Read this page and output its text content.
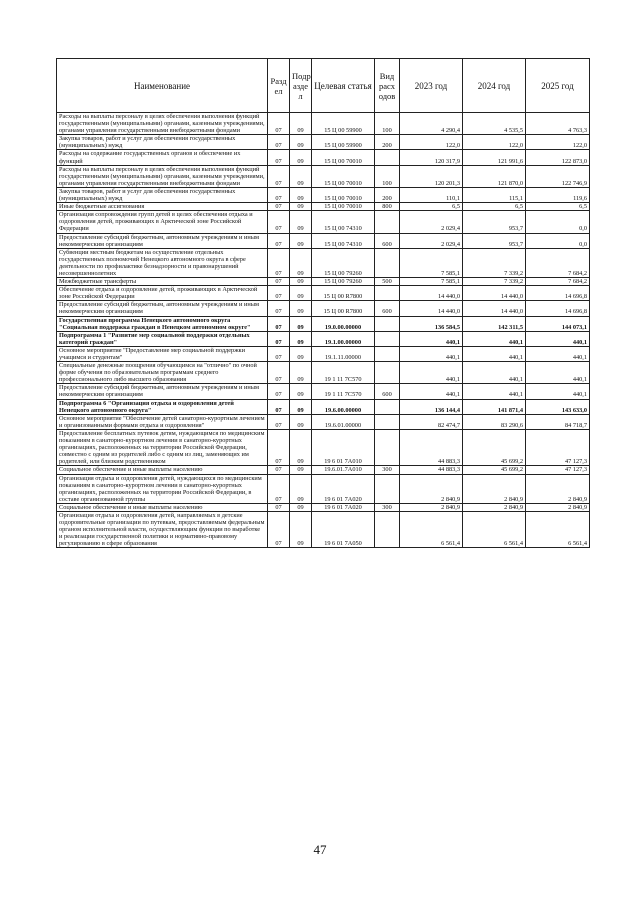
Наименование	Разд ел	Подр азде л	Целевая статья	Вид расх одов	2023 год	2024 год	2025 год
Расходы на выплаты персоналу в целях обеспечения выполнения функций государственными (муниципальными) органами, казенными учреждениями, органами управления государственными внебюджетными фондами	07	09	15 Ц 00 59900	100	4 290,4	4 535,5	4 763,3
Закупка товаров, работ и услуг для обеспечения государственных (муниципальных) нужд	07	09	15 Ц 00 59900	200	122,0	122,0	122,0
Расходы на содержание государственных органов и обеспечение их функций	07	09	15 Ц 00 70010		120 317,9	121 991,6	122 873,0
Расходы на выплаты персоналу в целях обеспечения выполнения функций государственными (муниципальными) органами, казенными учреждениями, органами управления государственными внебюджетными фондами	07	09	15 Ц 00 70010	100	120 201,3	121 870,0	122 746,9
Закупка товаров, работ и услуг для обеспечения государственных (муниципальных) нужд	07	09	15 Ц 00 70010	200	110,1	115,1	119,6
Иные бюджетные ассигнования	07	09	15 Ц 00 70010	800	6,5	6,5	6,5
Организация сопровождения групп детей в целях обеспечения отдыха и оздоровления детей, проживающих в Арктической зоне Российской Федерации	07	09	15 Ц 00 74310		2 029,4	953,7	0,0
Предоставление субсидий бюджетным, автономным учреждениям и иным некоммерческим организациям	07	09	15 Ц 00 74310	600	2 029,4	953,7	0,0
Субвенции местным бюджетам на осуществление отдельных государственных полномочий Ненецкого автономного округа в сфере деятельности по профилактике безнадзорности и правонарушений несовершеннолетних	07	09	15 Ц 00 79260		7 585,1	7 339,2	7 684,2
Межбюджетные трансферты	07	09	15 Ц 00 79260	500	7 585,1	7 339,2	7 684,2
Обеспечение отдыха и оздоровление детей, проживающих в Арктической зоне Российской Федерации	07	09	15 Ц 00 R7800		14 440,0	14 440,0	14 696,8
Предоставление субсидий бюджетным, автономным учреждениям и иным некоммерческим организациям	07	09	15 Ц 00 R7800	600	14 440,0	14 440,0	14 696,8
Государственная программа Ненецкого автономного округа "Социальная поддержка граждан в Ненецком автономном округе"	07	09	19.0.00.00000		136 584,5	142 311,5	144 073,1
Подпрограмма 1 "Развитие мер социальной поддержки отдельных категорий граждан"	07	09	19.1.00.00000		440,1	440,1	440,1
Основное мероприятие "Предоставление мер социальной поддержки учащимся и студентам"	07	09	19.1.11.00000		440,1	440,1	440,1
Специальные денежные поощрения обучающимся на "отлично" по очной форме обучения по образовательным программам среднего профессионального либо высшего образования	07	09	19 1 11 7С570		440,1	440,1	440,1
Предоставление субсидий бюджетным, автономным учреждениям и иным некоммерческим организациям	07	09	19 1 11 7С570	600	440,1	440,1	440,1
Подпрограмма 6 "Организация отдыха и оздоровления детей Ненецкого автономного округа"	07	09	19.6.00.00000		136 144,4	141 871,4	143 633,0
Основное мероприятие "Обеспечение детей санаторно-курортным лечением и организованными формами отдыха и оздоровления"	07	09	19.6.01.00000		82 474,7	83 290,6	84 718,7
Предоставление бесплатных путевок детям, нуждающимся по медицинским показаниям в санаторно-курортном лечении в санаторно-курортных организациях, расположенных на территории Российской Федерации, совместно с одним из родителей либо с одним из лиц, заменяющих им родителей, или близким родственником	07	09	19 6 01 7А010		44 883,3	45 699,2	47 127,3
Социальное обеспечение и иные выплаты населению	07	09	19.6.01.7А010	300	44 883,3	45 699,2	47 127,3
Организация отдыха и оздоровления детей, нуждающихся по медицинским показаниям в санаторно-курортном лечении в санаторно-курортных организациях, расположенных на территории Российской Федерации, в составе организованной группы	07	09	19 6 01 7А020		2 840,9	2 840,9	2 840,9
Социальное обеспечение и иные выплаты населению	07	09	19 6 01 7А020	300	2 840,9	2 840,9	2 840,9
Организация отдыха и оздоровления детей, направляемых в детские оздоровительные организации по путевкам, предоставляемым федеральным органом исполнительной власти, осуществляющим функции по выработке и реализации государственной политики и нормативно-правовому регулированию в сфере образования	07	09	19 6 01 7А050		6 561,4	6 561,4	6 561,4
47
